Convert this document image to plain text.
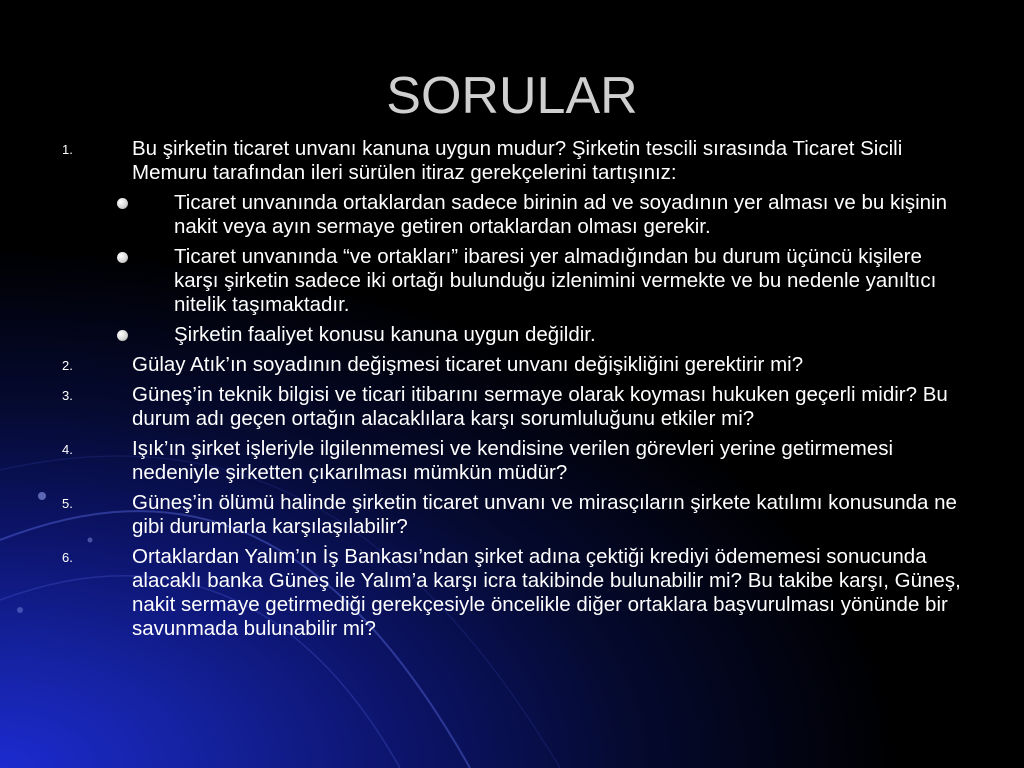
SORULAR
1.	Bu şirketin ticaret unvanı kanuna uygun mudur? Şirketin tescili sırasında Ticaret Sicili Memuru tarafından ileri sürülen itiraz gerekçelerini tartışınız:
Ticaret unvanında ortaklardan sadece birinin ad ve soyadının yer alması ve bu kişinin nakit veya ayın sermaye getiren ortaklardan olması gerekir.
Ticaret unvanında “ve ortakları” ibaresi yer almadığından bu durum üçüncü kişilere karşı şirketin sadece iki ortağı bulunduğu izlenimini vermekte ve bu nedenle yanıltıcı nitelik taşımaktadır.
Şirketin faaliyet konusu kanuna uygun değildir.
2.	Gülay Atık’ın soyadının değişmesi ticaret unvanı değişikliğini gerektirir mi?
3.	Güneş’in teknik bilgisi ve ticari itibarını sermaye olarak koyması hukuken geçerli midir? Bu durum adı geçen ortağın alacaklılara karşı sorumluluğunu etkiler mi?
4.	Işık’ın şirket işleriyle ilgilenmemesi ve kendisine verilen görevleri yerine getirmemesi nedeniyle şirketten çıkarılması mümkün müdür?
5.	Güneş’in ölümü halinde şirketin ticaret unvanı ve mirasçıların şirkete katılımı konusunda ne gibi durumlarla karşılaşılabilir?
6.	Ortaklardan Yalım’ın İş Bankası’ndan şirket adına çektiği krediyi ödememesi sonucunda alacaklı banka Güneş ile Yalım’a karşı icra takibinde bulunabilir mi? Bu takibe karşı, Güneş, nakit sermaye getirmediği gerekçesiyle öncelikle diğer ortaklara başvurulması yönünde bir savunmada bulunabilir mi?
